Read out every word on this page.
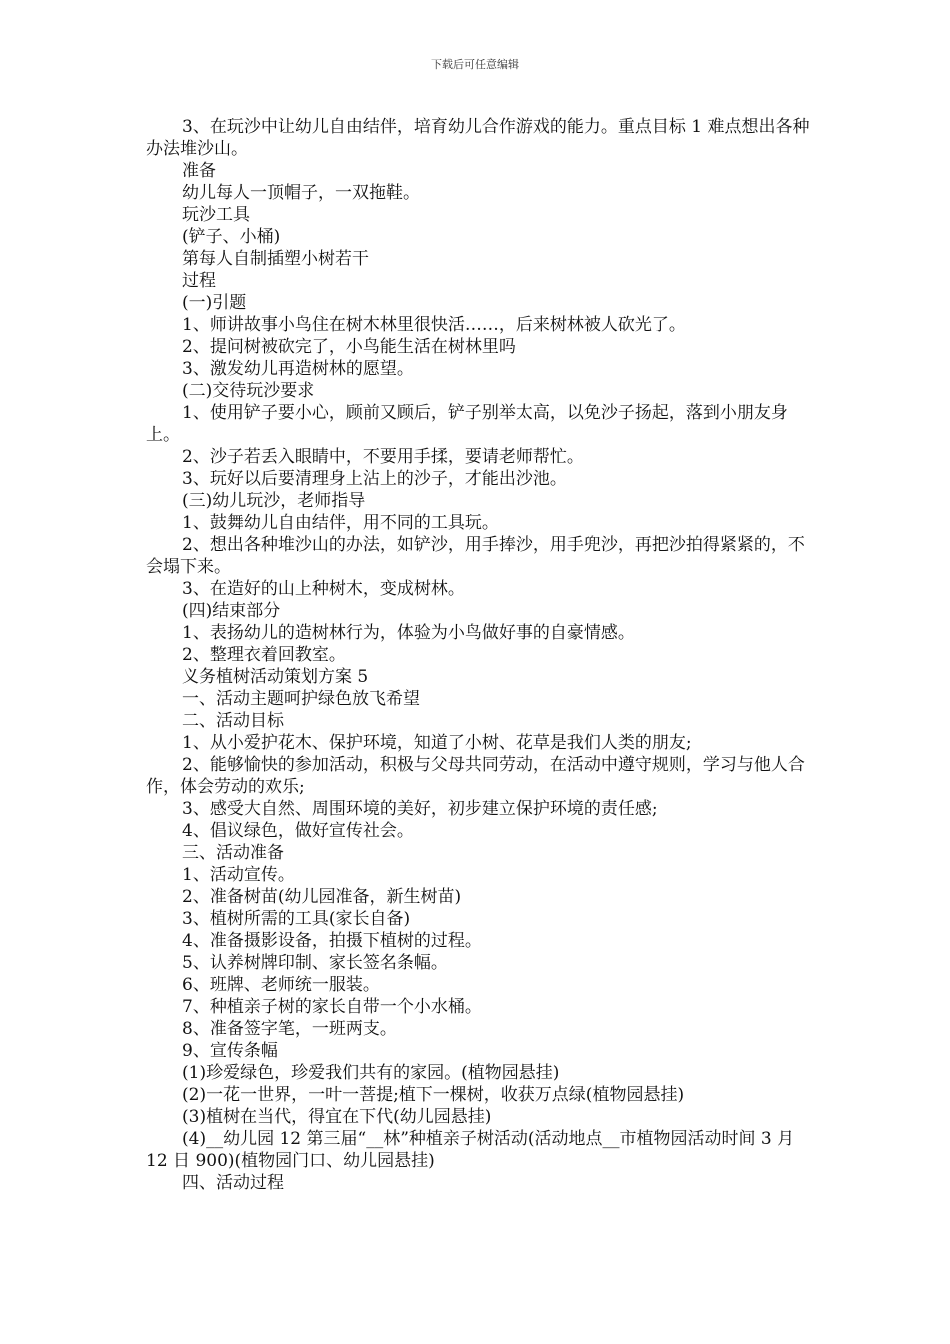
下载后可任意编辑

3、在玩沙中让幼儿自由结伴，培育幼儿合作游戏的能力。重点目标 1 难点想出各种办法堆沙山。

准备

幼儿每人一顶帽子，一双拖鞋。

玩沙工具

(铲子、小桶)

第每人自制插塑小树若干

过程

(一)引题

1、师讲故事小鸟住在树木林里很快活……，后来树林被人砍光了。

2、提问树被砍完了，小鸟能生活在树林里吗

3、激发幼儿再造树林的愿望。

(二)交待玩沙要求

1、使用铲子要小心，顾前又顾后，铲子别举太高，以免沙子扬起，落到小朋友身上。

2、沙子若丢入眼睛中，不要用手揉，要请老师帮忙。

3、玩好以后要清理身上沾上的沙子，才能出沙池。

(三)幼儿玩沙，老师指导

1、鼓舞幼儿自由结伴，用不同的工具玩。

2、想出各种堆沙山的办法，如铲沙，用手捧沙，用手兜沙，再把沙拍得紧紧的，不会塌下来。

3、在造好的山上种树木，变成树林。

(四)结束部分

1、表扬幼儿的造树林行为，体验为小鸟做好事的自豪情感。

2、整理衣着回教室。

义务植树活动策划方案 5

一、活动主题呵护绿色放飞希望

二、活动目标

1、从小爱护花木、保护环境，知道了小树、花草是我们人类的朋友;

2、能够愉快的参加活动，积极与父母共同劳动，在活动中遵守规则，学习与他人合作，体会劳动的欢乐;

3、感受大自然、周围环境的美好，初步建立保护环境的责任感;

4、倡议绿色，做好宣传社会。

三、活动准备

1、活动宣传。

2、准备树苗(幼儿园准备，新生树苗)

3、植树所需的工具(家长自备)

4、准备摄影设备，拍摄下植树的过程。

5、认养树牌印制、家长签名条幅。

6、班牌、老师统一服装。

7、种植亲子树的家长自带一个小水桶。

8、准备签字笔，一班两支。

9、宣传条幅

(1)珍爱绿色，珍爱我们共有的家园。(植物园悬挂)

(2)一花一世界，一叶一菩提;植下一棵树，收获万点绿(植物园悬挂)

(3)植树在当代，得宜在下代(幼儿园悬挂)

(4)__幼儿园 12 第三届“__林”种植亲子树活动(活动地点__市植物园活动时间 3 月 12 日 900)(植物园门口、幼儿园悬挂)

四、活动过程
